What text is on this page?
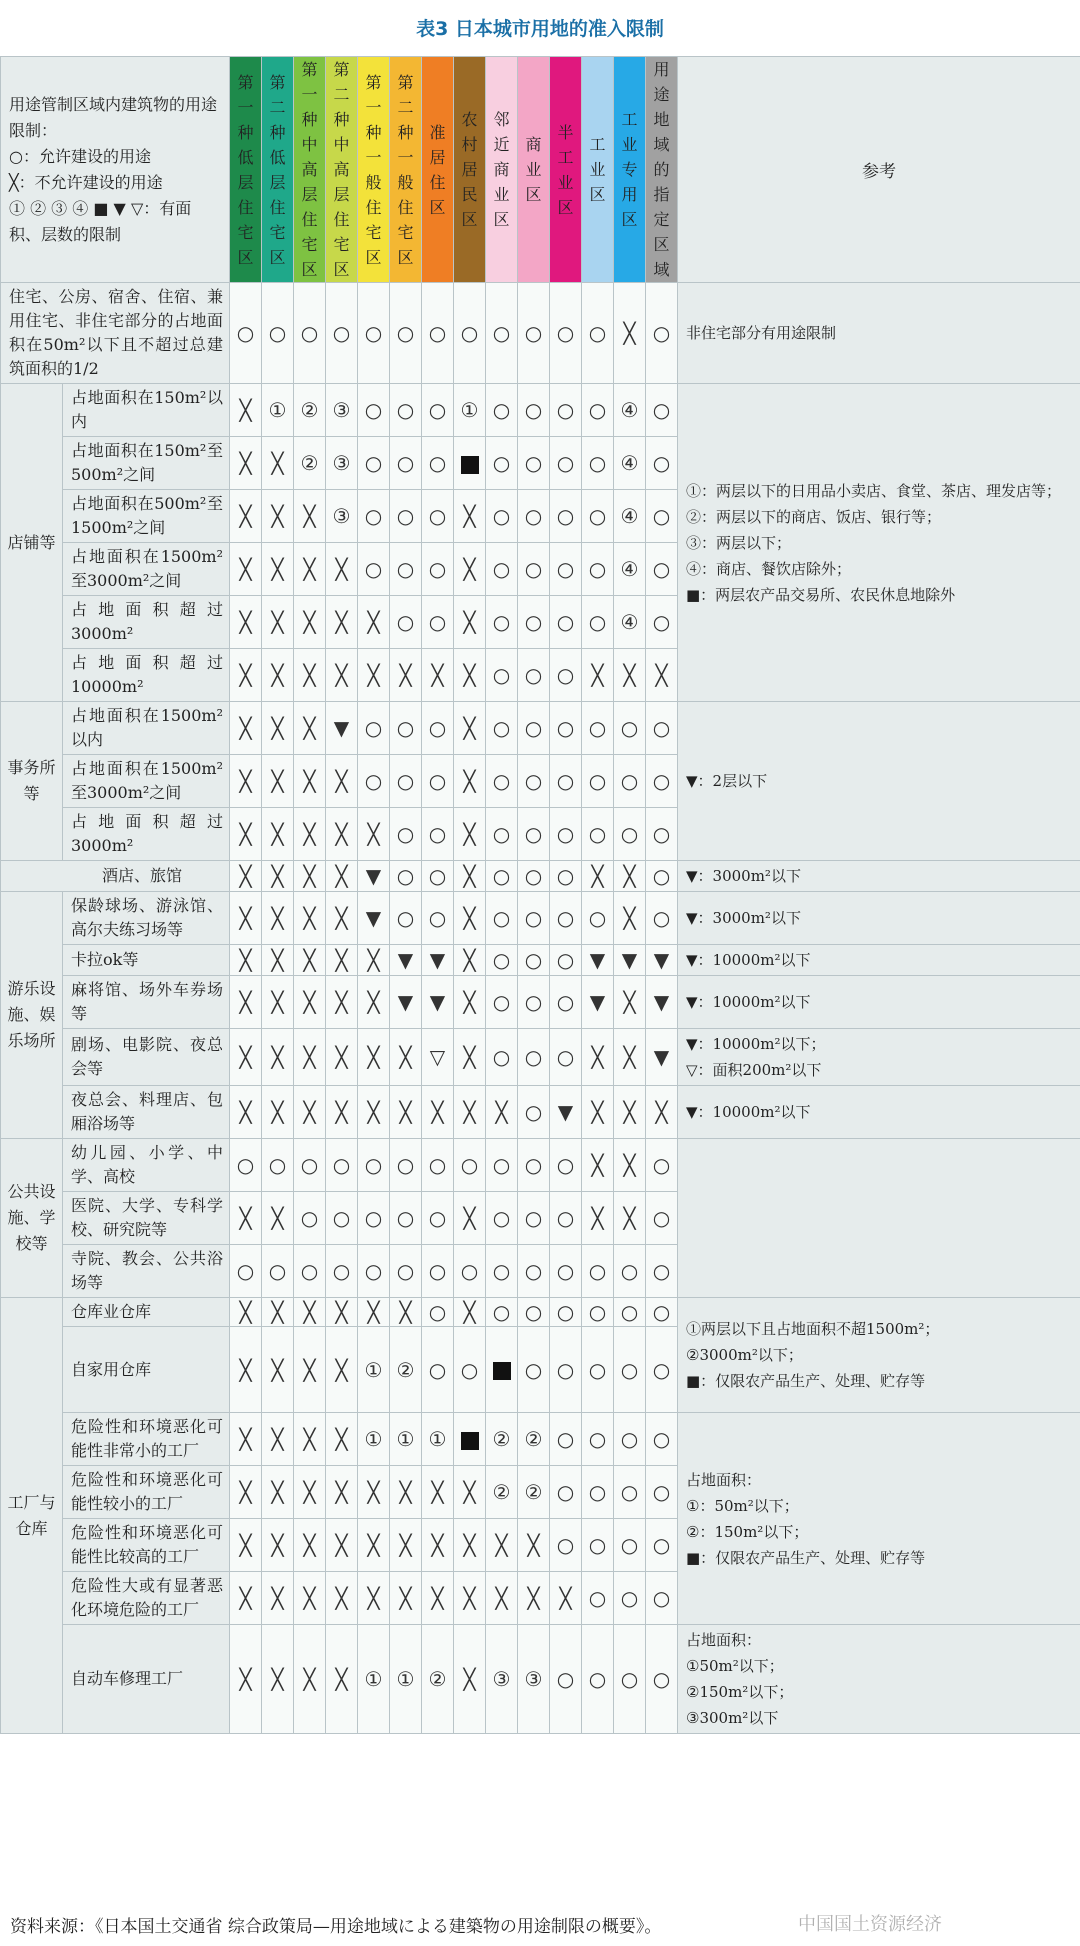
表3 日本城市用地的准入限制
用途管制区域内建筑物的用途限制：
○：允许建设的用途
╳：不允许建设的用途
① ② ③ ④ ■ ▼ ▽：有面积、层数的限制		第一种低层住宅区	第二种低层住宅区	第一种中高层住宅区	第二种中高层住宅区	第一种一般住宅区	第二种一般住宅区	准居住区	农村居民区	邻近商业区	商业区	半工业区	工业区	工业专用区	用途地域的指定区域	参考
住宅、公房、宿舍、住宿、兼用住宅、非住宅部分的占地面积在50m²以下且不超过总建筑面积的1/2		○	○	○	○	○	○	○	○	○	○	○	○	╳	○	非住宅部分有用途限制
店铺等	占地面积在150m²以内	╳	①	②	③	○	○	○	①	○	○	○	○	④	○	①：两层以下的日用品小卖店、食堂、茶店、理发店等；
②：两层以下的商店、饭店、银行等；
③：两层以下；
④：商店、餐饮店除外；
■：两层农产品交易所、农民休息地除外
	占地面积在150m²至500m²之间	╳	╳	②	③	○	○	○		○	○	○	○	④	○	
	占地面积在500m²至1500m²之间	╳	╳	╳	③	○	○	○	╳	○	○	○	○	④	○	
	占地面积在1500m²至3000m²之间	╳	╳	╳	╳	○	○	○	╳	○	○	○	○	④	○	
	占地面积超过3000m²	╳	╳	╳	╳	╳	○	○	╳	○	○	○	○	④	○	
	占地面积超过10000m²	╳	╳	╳	╳	╳	╳	╳	╳	○	○	○	╳	╳	╳	
事务所等	占地面积在1500m²以内	╳	╳	╳	▼	○	○	○	╳	○	○	○	○	○	○	▼：2层以下
	占地面积在1500m²至3000m²之间	╳	╳	╳	╳	○	○	○	╳	○	○	○	○	○	○	
	占地面积超过3000m²	╳	╳	╳	╳	╳	○	○	╳	○	○	○	○	○	○	
酒店、旅馆		╳	╳	╳	╳	▼	○	○	╳	○	○	○	╳	╳	○	▼：3000m²以下
游乐设施、娱乐场所	保龄球场、游泳馆、高尔夫练习场等	╳	╳	╳	╳	▼	○	○	╳	○	○	○	○	╳	○	▼：3000m²以下
	卡拉ok等	╳	╳	╳	╳	╳	▼	▼	╳	○	○	○	▼	▼	▼	▼：10000m²以下
	麻将馆、场外车券场等	╳	╳	╳	╳	╳	▼	▼	╳	○	○	○	▼	╳	▼	▼：10000m²以下
	剧场、电影院、夜总会等	╳	╳	╳	╳	╳	╳	▽	╳	○	○	○	╳	╳	▼	▼：10000m²以下；
▽：面积200m²以下
	夜总会、料理店、包厢浴场等	╳	╳	╳	╳	╳	╳	╳	╳	╳	○	▼	╳	╳	╳	▼：10000m²以下
公共设施、学校等	幼儿园、小学、中学、高校	○	○	○	○	○	○	○	○	○	○	○	╳	╳	○	
	医院、大学、专科学校、研究院等	╳	╳	○	○	○	○	○	╳	○	○	○	╳	╳	○	
	寺院、教会、公共浴场等	○	○	○	○	○	○	○	○	○	○	○	○	○	○	
工厂与仓库	仓库业仓库	╳	╳	╳	╳	╳	╳	○	╳	○	○	○	○	○	○	①两层以下且占地面积不超1500m²；
②3000m²以下；
■：仅限农产品生产、处理、贮存等
	自家用仓库	╳	╳	╳	╳	①	②	○	○		○	○	○	○	○	
	危险性和环境恶化可能性非常小的工厂	╳	╳	╳	╳	①	①	①		②	②	○	○	○	○	占地面积：
①：50m²以下；
②：150m²以下；
■：仅限农产品生产、处理、贮存等
	危险性和环境恶化可能性较小的工厂	╳	╳	╳	╳	╳	╳	╳	╳	②	②	○	○	○	○	
	危险性和环境恶化可能性比较高的工厂	╳	╳	╳	╳	╳	╳	╳	╳	╳	╳	○	○	○	○	
	危险性大或有显著恶化环境危险的工厂	╳	╳	╳	╳	╳	╳	╳	╳	╳	╳	╳	○	○	○	
	自动车修理工厂	╳	╳	╳	╳	①	①	②	╳	③	③	○	○	○	○	占地面积：
①50m²以下；
②150m²以下；
③300m²以下
资料来源：《日本国土交通省 综合政策局—用途地域による建築物の用途制限の概要》。	中国国土资源经济
